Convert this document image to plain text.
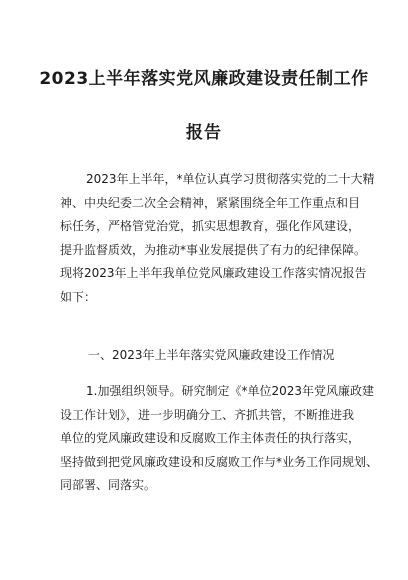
2023上半年落实党风廉政建设责任制工作
报告
2023年上半年，*单位认真学习贯彻落实党的二十大精
神、中央纪委二次全会精神，紧紧围绕全年工作重点和目
标任务，严格管党治党，抓实思想教育，强化作风建设，
提升监督质效，为推动*事业发展提供了有力的纪律保障。
现将2023年上半年我单位党风廉政建设工作落实情况报告
如下：
一、2023年上半年落实党风廉政建设工作情况
1.加强组织领导。研究制定《*单位2023年党风廉政建
设工作计划》，进一步明确分工、齐抓共管，不断推进我
单位的党风廉政建设和反腐败工作主体责任的执行落实，
坚持做到把党风廉政建设和反腐败工作与*业务工作同规划、
同部署、同落实。
